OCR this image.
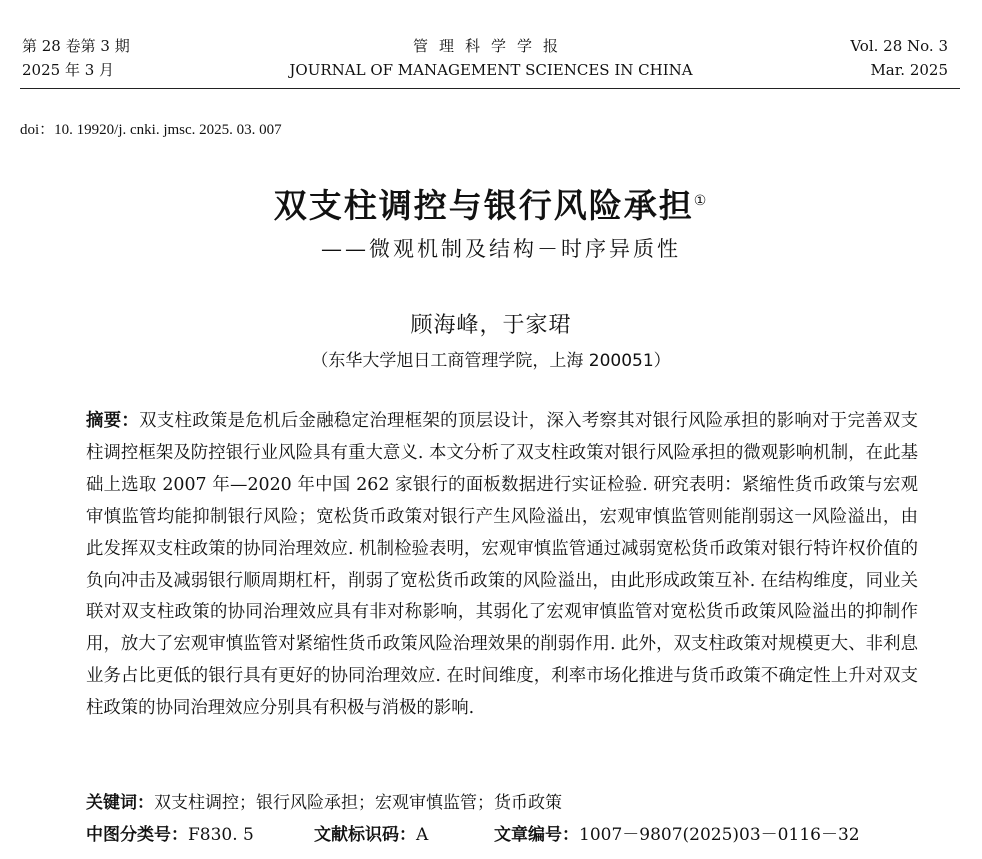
第 28 卷第 3 期
2025 年 3 月
管理科学学报
JOURNAL OF MANAGEMENT SCIENCES IN CHINA
Vol. 28 No. 3
Mar. 2025
doi：10. 19920/j. cnki. jmsc. 2025. 03. 007
双支柱调控与银行风险承担①
——微观机制及结构－时序异质性
顾海峰，于家珺
（东华大学旭日工商管理学院，上海 200051）
摘要：双支柱政策是危机后金融稳定治理框架的顶层设计，深入考察其对银行风险承担的影响对于完善双支柱调控框架及防控银行业风险具有重大意义. 本文分析了双支柱政策对银行风险承担的微观影响机制，在此基础上选取 2007 年—2020 年中国 262 家银行的面板数据进行实证检验. 研究表明：紧缩性货币政策与宏观审慎监管均能抑制银行风险；宽松货币政策对银行产生风险溢出，宏观审慎监管则能削弱这一风险溢出，由此发挥双支柱政策的协同治理效应. 机制检验表明，宏观审慎监管通过减弱宽松货币政策对银行特许权价值的负向冲击及减弱银行顺周期杠杆，削弱了宽松货币政策的风险溢出，由此形成政策互补. 在结构维度，同业关联对双支柱政策的协同治理效应具有非对称影响，其弱化了宏观审慎监管对宽松货币政策风险溢出的抑制作用，放大了宏观审慎监管对紧缩性货币政策风险治理效果的削弱作用. 此外，双支柱政策对规模更大、非利息业务占比更低的银行具有更好的协同治理效应. 在时间维度，利率市场化推进与货币政策不确定性上升对双支柱政策的协同治理效应分别具有积极与消极的影响.
关键词：双支柱调控；银行风险承担；宏观审慎监管；货币政策
中图分类号：F830. 5	文献标识码：A	文章编号：1007－9807(2025)03－0116－32
